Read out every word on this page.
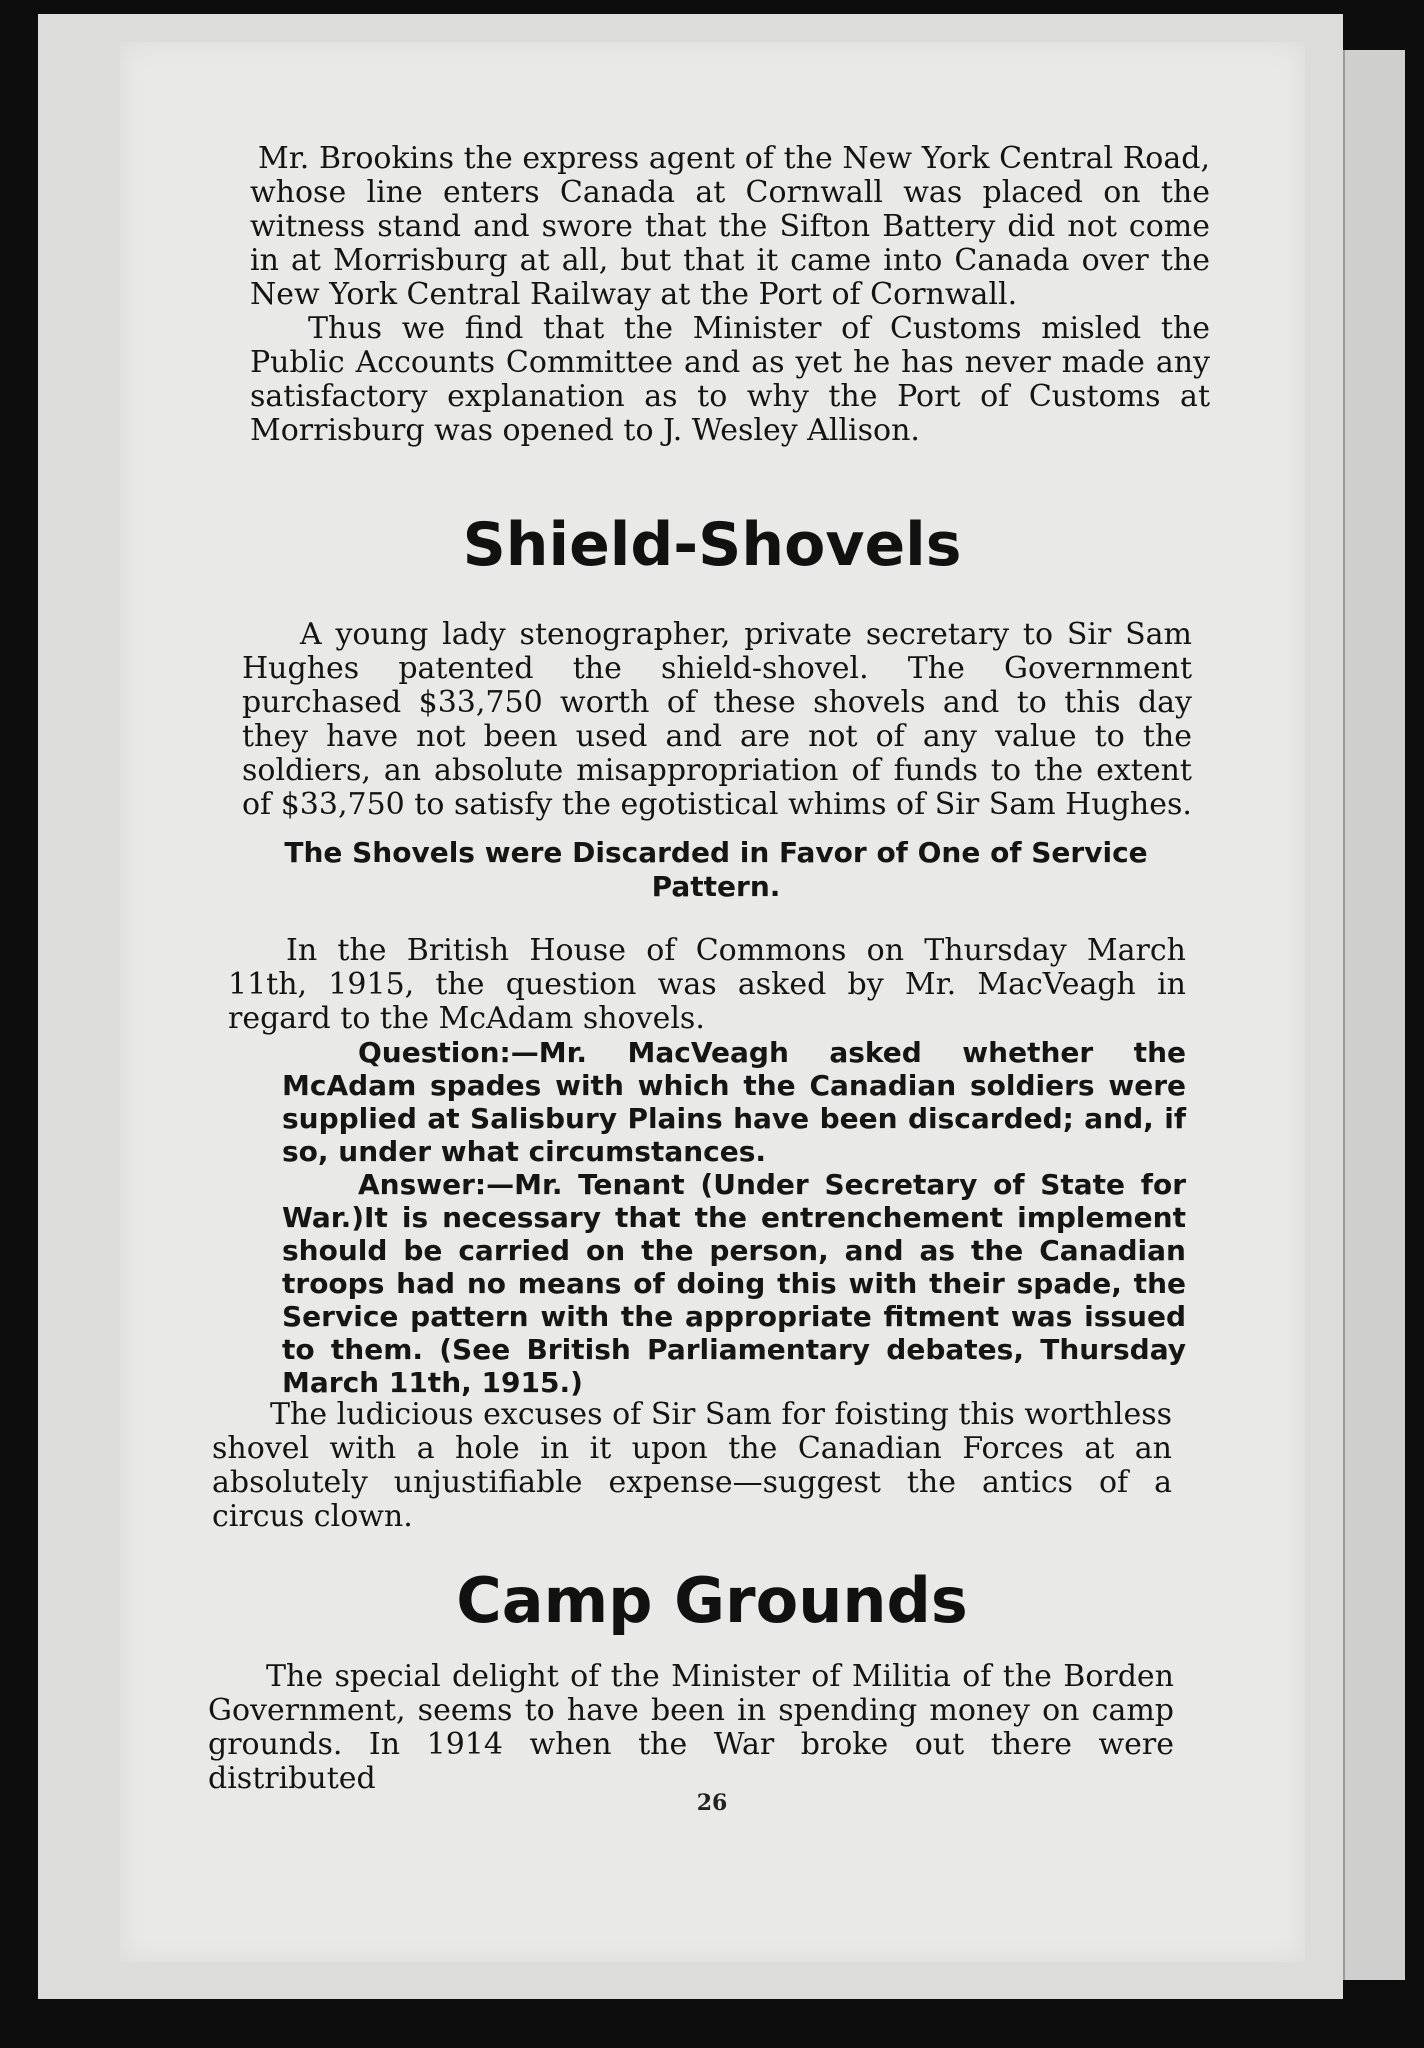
Mr. Brookins the express agent of the New York Central Road, whose line enters Canada at Cornwall was placed on the witness stand and swore that the Sifton Battery did not come in at Morrisburg at all, but that it came into Canada over the New York Central Railway at the Port of Cornwall.

Thus we find that the Minister of Customs misled the Public Accounts Committee and as yet he has never made any satisfactory explanation as to why the Port of Customs at Morrisburg was opened to J. Wesley Allison.

Shield-Shovels

A young lady stenographer, private secretary to Sir Sam Hughes patented the shield-shovel. The Government purchased $33,750 worth of these shovels and to this day they have not been used and are not of any value to the soldiers, an absolute misappropriation of funds to the extent of $33,750 to satisfy the egotistical whims of Sir Sam Hughes.

The Shovels were Discarded in Favor of One of Service Pattern.

In the British House of Commons on Thursday March 11th, 1915, the question was asked by Mr. MacVeagh in regard to the McAdam shovels.

Question:—Mr. MacVeagh asked whether the McAdam spades with which the Canadian soldiers were supplied at Salisbury Plains have been discarded; and, if so, under what circumstances.

Answer:—Mr. Tenant (Under Secretary of State for War.)It is necessary that the entrenchement implement should be carried on the person, and as the Canadian troops had no means of doing this with their spade, the Service pattern with the appropriate fitment was issued to them. (See British Parliamentary debates, Thursday March 11th, 1915.)

The ludicious excuses of Sir Sam for foisting this worthless shovel with a hole in it upon the Canadian Forces at an absolutely unjustifiable expense—suggest the antics of a circus clown.

Camp Grounds

The special delight of the Minister of Militia of the Borden Government, seems to have been in spending money on camp grounds. In 1914 when the War broke out there were distributed

26
